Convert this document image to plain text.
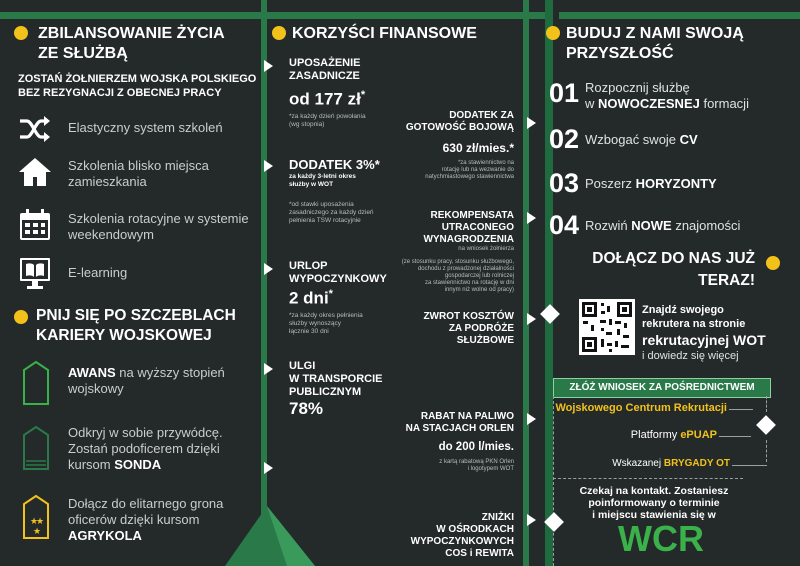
ZBILANSOWANIE ŻYCIA
ZE SŁUŻBĄ
ZOSTAŃ ŻOŁNIERZEM WOJSKA POLSKIEGO
BEZ REZYGNACJI Z OBECNEJ PRACY
Elastyczny system szkoleń
Szkolenia blisko miejsca
zamieszkania
Szkolenia rotacyjne w systemie
weekendowym
E-learning
PNIJ SIĘ PO SZCZEBLACH
KARIERY WOJSKOWEJ
AWANS na wyższy stopień
wojskowy
Odkryj w sobie przywódcę.
Zostań podoficerem dzięki
kursom SONDA
★
★
★
Dołącz do elitarnego grona
oficerów dzięki kursom
AGRYKOLA
KORZYŚCI FINANSOWE
UPOSAŻENIE
ZASADNICZE
od 177 zł*
*za każdy dzień powołania
(wg stopnia)
DODATEK 3%*
za każdy 3-letni okres
służby w WOT
*od stawki uposażenia
zasadniczego za każdy dzień
pełnienia TSW rotacyjnie
URLOP
WYPOCZYNKOWY
2 dni*
*za każdy okres pełnienia
służby wynoszący
łącznie 30 dni
ULGI
W TRANSPORCIE
PUBLICZNYM
78%
DODATEK ZA
GOTOWOŚĆ BOJOWĄ
630 zł/mies.*
*za stawiennictwo na
rotację lub na wezwanie do
natychmiastowego stawiennictwa
REKOMPENSATA
UTRACONEGO
WYNAGRODZENIA
na wniosek żołnierza
(ze stosunku pracy, stosunku służbowego,
dochodu z prowadzonej działalności
gospodarczej lub rolniczej
za stawiennictwo na rotację w dni
innym niż wolne od pracy)
ZWROT KOSZTÓW
ZA PODRÓŻE
SŁUŻBOWE
RABAT NA PALIWO
NA STACJACH ORLEN
do 200 l/mies.
z kartą rabatową PKN Orlen
i logotypem WOT
ZNIŻKI
W OŚRODKACH
WYPOCZYNKOWYCH
COS i REWITA
BUDUJ Z NAMI SWOJĄ
PRZYSZŁOŚĆ
01 Rozpocznij służbę
w NOWOCZESNEJ formacji
02 Wzbogać swoje CV
03 Poszerz HORYZONTY
04 Rozwiń NOWE znajomości
DOŁĄCZ DO NAS JUŻ
TERAZ!
Znajdź swojego
rekrutera na stronie
rekrutacyjnej WOT
i dowiedz się więcej
ZŁÓŻ WNIOSEK ZA POŚREDNICTWEM
Wojskowego Centrum Rekrutacji
Platformy ePUAP
Wskazanej BRYGADY OT
Czekaj na kontakt. Zostaniesz
poinformowany o terminie
i miejscu stawienia się w
WCR
